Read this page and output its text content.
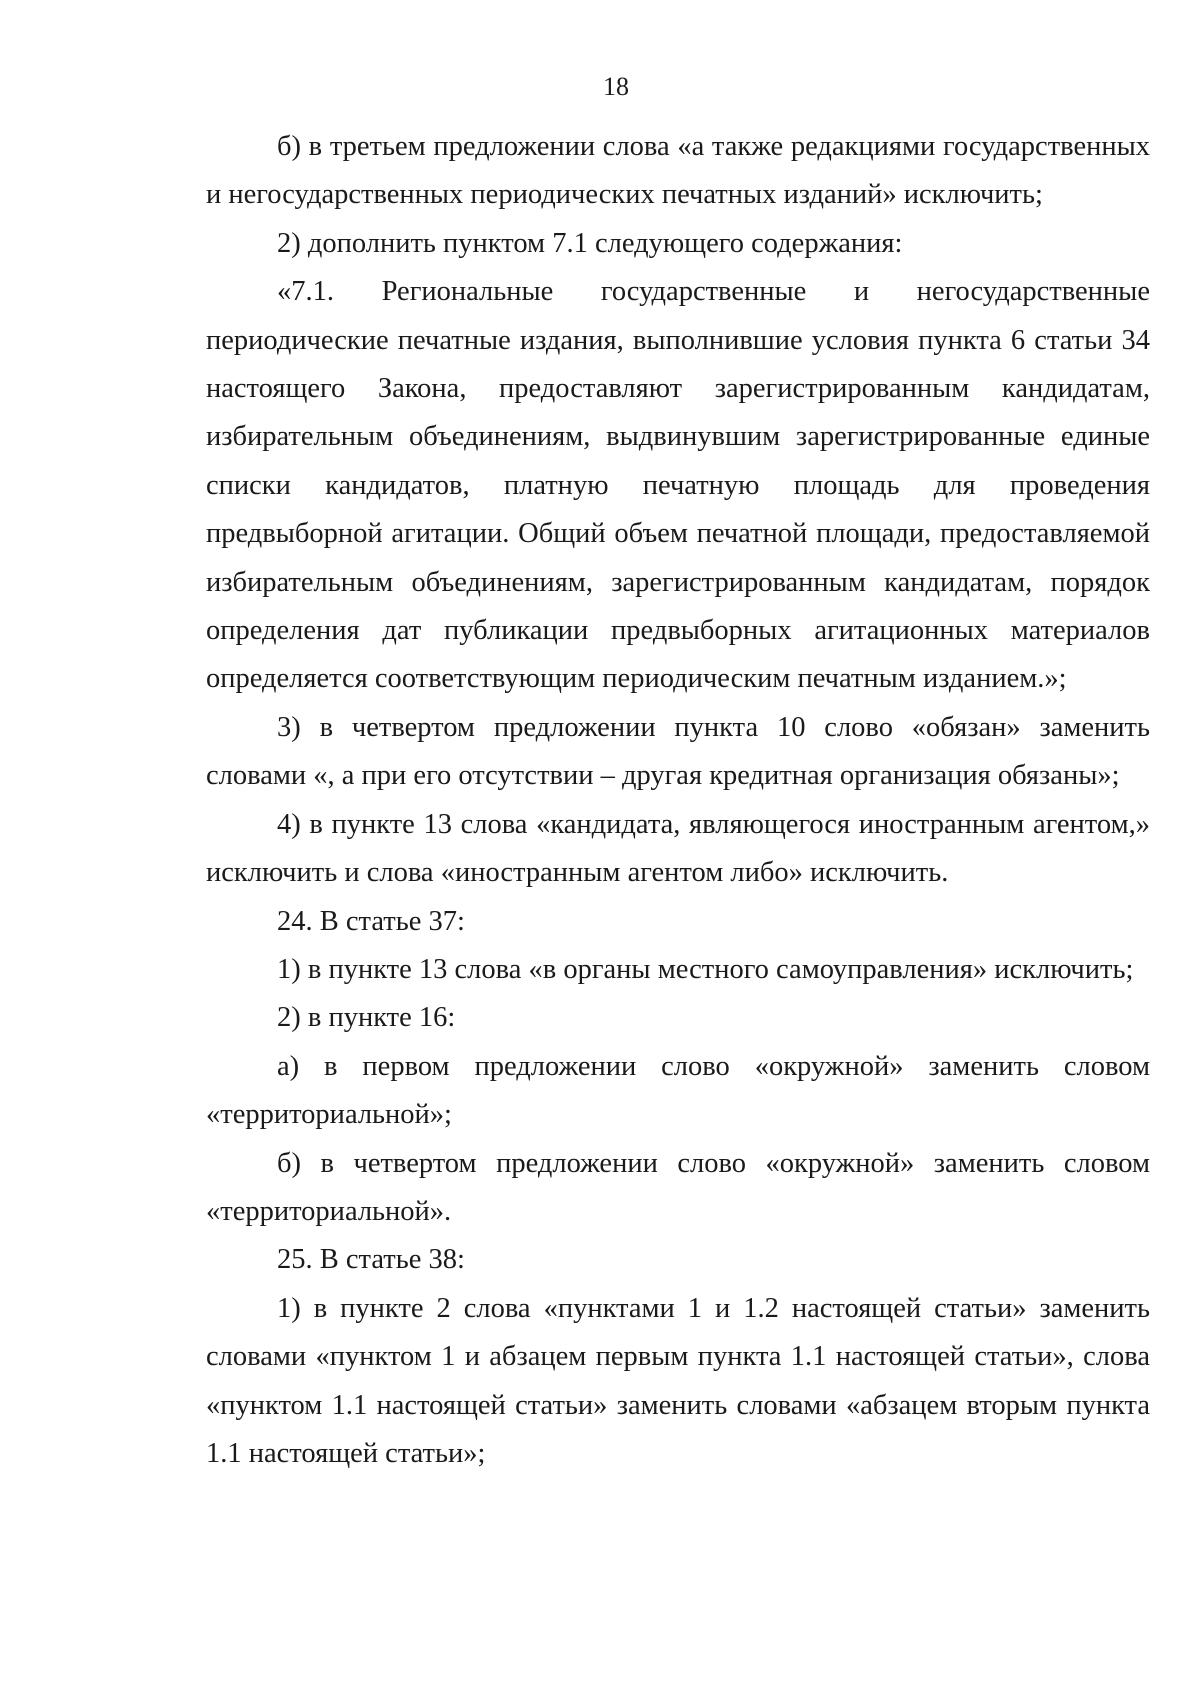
18

б) в третьем предложении слова «а также редакциями государственных и негосударственных периодических печатных изданий» исключить;

2) дополнить пунктом 7.1 следующего содержания:

«7.1. Региональные государственные и негосударственные периодические печатные издания, выполнившие условия пункта 6 статьи 34 настоящего Закона, предоставляют зарегистрированным кандидатам, избирательным объединениям, выдвинувшим зарегистрированные единые списки кандидатов, платную печатную площадь для проведения предвыборной агитации. Общий объем печатной площади, предоставляемой избирательным объединениям, зарегистрированным кандидатам, порядок определения дат публикации предвыборных агитационных материалов определяется соответствующим периодическим печатным изданием.»;

3) в четвертом предложении пункта 10 слово «обязан» заменить словами «, а при его отсутствии – другая кредитная организация обязаны»;

4) в пункте 13 слова «кандидата, являющегося иностранным агентом,» исключить и слова «иностранным агентом либо» исключить.

24. В статье 37:

1) в пункте 13 слова «в органы местного самоуправления» исключить;

2) в пункте 16:

а) в первом предложении слово «окружной» заменить словом «территориальной»;

б) в четвертом предложении слово «окружной» заменить словом «территориальной».

25. В статье 38:

1) в пункте 2 слова «пунктами 1 и 1.2 настоящей статьи» заменить словами «пунктом 1 и абзацем первым пункта 1.1 настоящей статьи», слова «пунктом 1.1 настоящей статьи» заменить словами «абзацем вторым пункта 1.1 настоящей статьи»;
